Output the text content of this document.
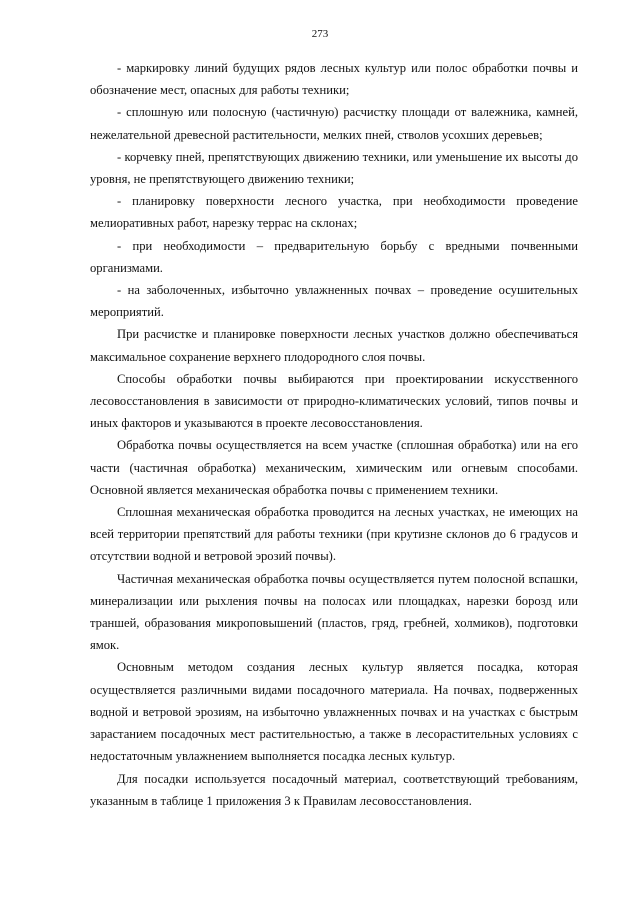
273

- маркировку линий будущих рядов лесных культур или полос обработки почвы и обозначение мест, опасных для работы техники;

- сплошную или полосную (частичную) расчистку площади от валежника, камней, нежелательной древесной растительности, мелких пней, стволов усохших деревьев;

- корчевку пней, препятствующих движению техники, или уменьшение их высоты до уровня, не препятствующего движению техники;

- планировку поверхности лесного участка, при необходимости проведение мелиоративных работ, нарезку террас на склонах;

- при необходимости – предварительную борьбу с вредными почвенными организмами.

- на заболоченных, избыточно увлажненных почвах – проведение осушительных мероприятий.

При расчистке и планировке поверхности лесных участков должно обеспечиваться максимальное сохранение верхнего плодородного слоя почвы.

Способы обработки почвы выбираются при проектировании искусственного лесовосстановления в зависимости от природно-климатических условий, типов почвы и иных факторов и указываются в проекте лесовосстановления.

Обработка почвы осуществляется на всем участке (сплошная обработка) или на его части (частичная обработка) механическим, химическим или огневым способами. Основной является механическая обработка почвы с применением техники.

Сплошная механическая обработка проводится на лесных участках, не имеющих на всей территории препятствий для работы техники (при крутизне склонов до 6 градусов и отсутствии водной и ветровой эрозий почвы).

Частичная механическая обработка почвы осуществляется путем полосной вспашки, минерализации или рыхления почвы на полосах или площадках, нарезки борозд или траншей, образования микроповышений (пластов, гряд, гребней, холмиков), подготовки ямок.

Основным методом создания лесных культур является посадка, которая осуществляется различными видами посадочного материала. На почвах, подверженных водной и ветровой эрозиям, на избыточно увлажненных почвах и на участках с быстрым зарастанием посадочных мест растительностью, а также в лесорастительных условиях с недостаточным увлажнением выполняется посадка лесных культур.

Для посадки используется посадочный материал, соответствующий требованиям, указанным в таблице 1 приложения 3 к Правилам лесовосстановления.
